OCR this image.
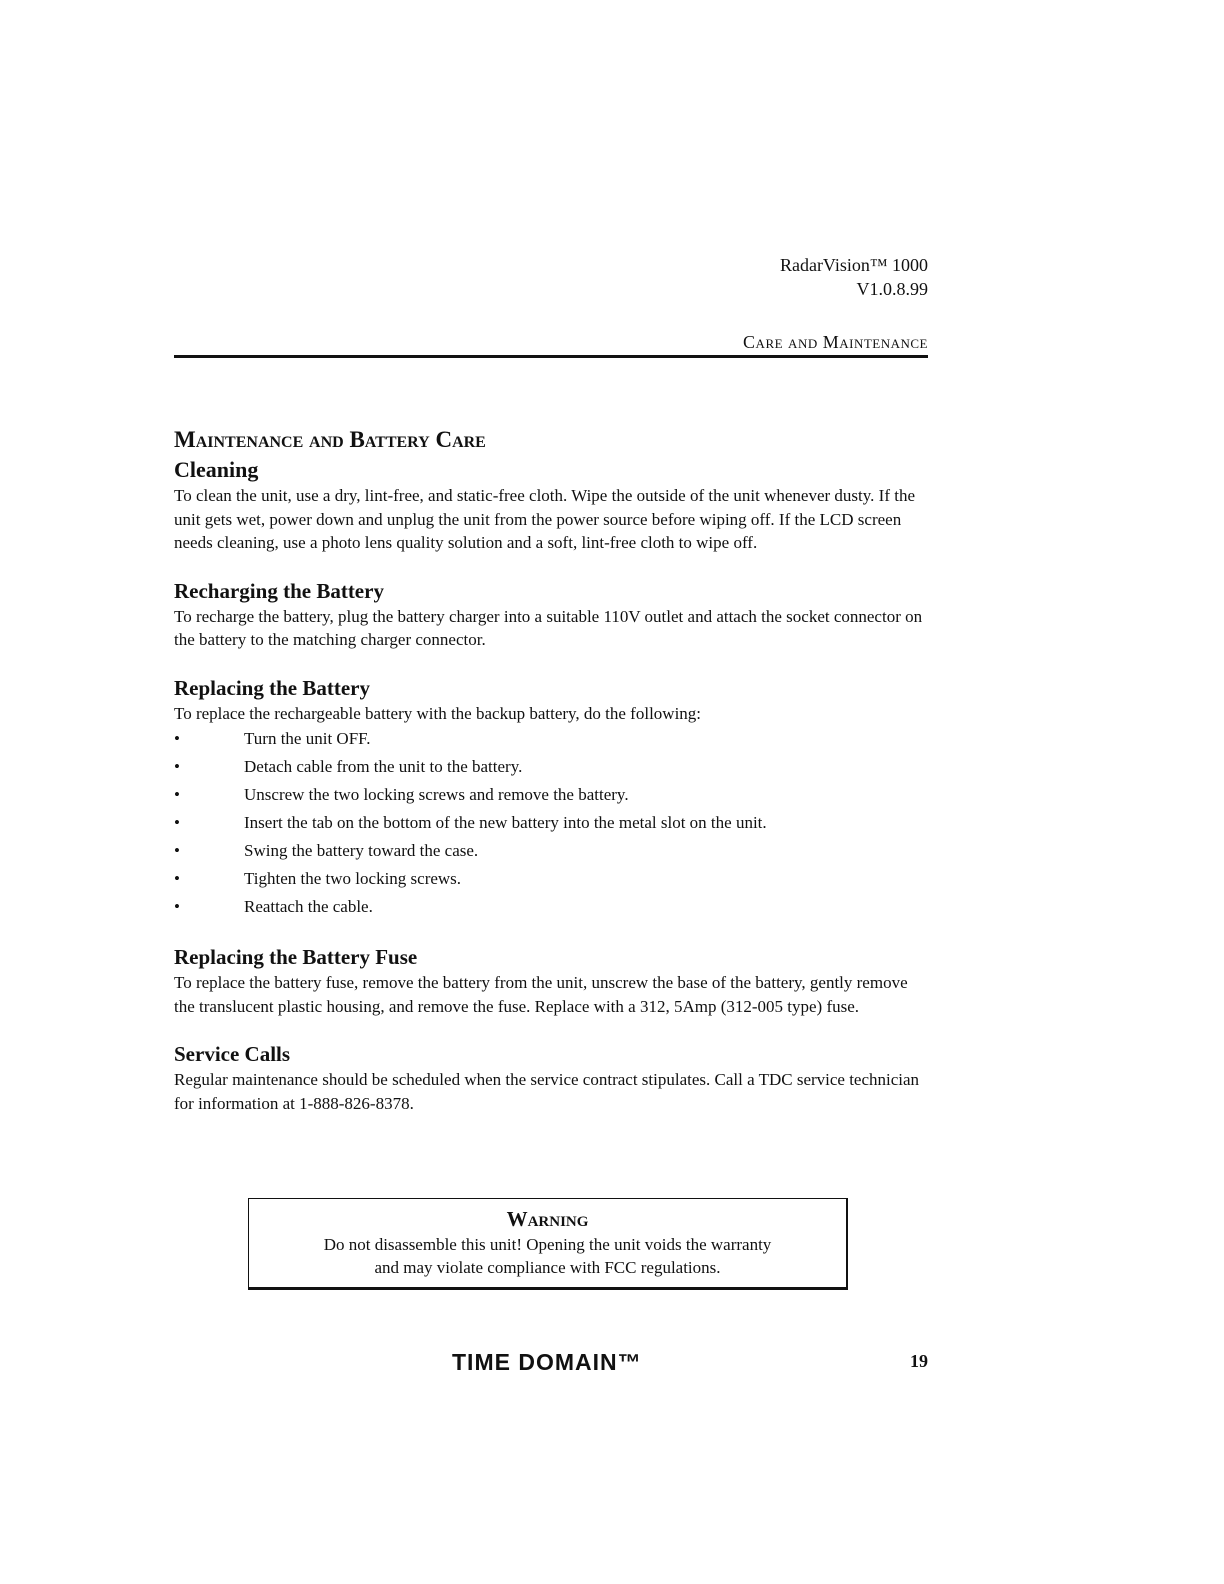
RadarVision™ 1000
V1.0.8.99
Care and Maintenance
Maintenance and Battery Care
Cleaning

To clean the unit, use a dry, lint-free, and static-free cloth. Wipe the outside of the unit whenever dusty. If the unit gets wet, power down and unplug the unit from the power source before wiping off. If the LCD screen needs cleaning, use a photo lens quality solution and a soft, lint-free cloth to wipe off.

Recharging the Battery

To recharge the battery, plug the battery charger into a suitable 110V outlet and attach the socket connector on the battery to the matching charger connector.

Replacing the Battery

To replace the rechargeable battery with the backup battery, do the following:

•	Turn the unit OFF.
•	Detach cable from the unit to the battery.
•	Unscrew the two locking screws and remove the battery.
•	Insert the tab on the bottom of the new battery into the metal slot on the unit.
•	Swing the battery toward the case.
•	Tighten the two locking screws.
•	Reattach the cable.
Replacing the Battery Fuse

To replace the battery fuse, remove the battery from the unit, unscrew the base of the battery, gently remove the translucent plastic housing, and remove the fuse. Replace with a 312, 5Amp (312-005 type) fuse.

Service Calls

Regular maintenance should be scheduled when the service contract stipulates. Call a TDC service technician for information at 1-888-826-8378.

Warning
Do not disassemble this unit! Opening the unit voids the warranty
and may violate compliance with FCC regulations.
TIME DOMAIN™	19
